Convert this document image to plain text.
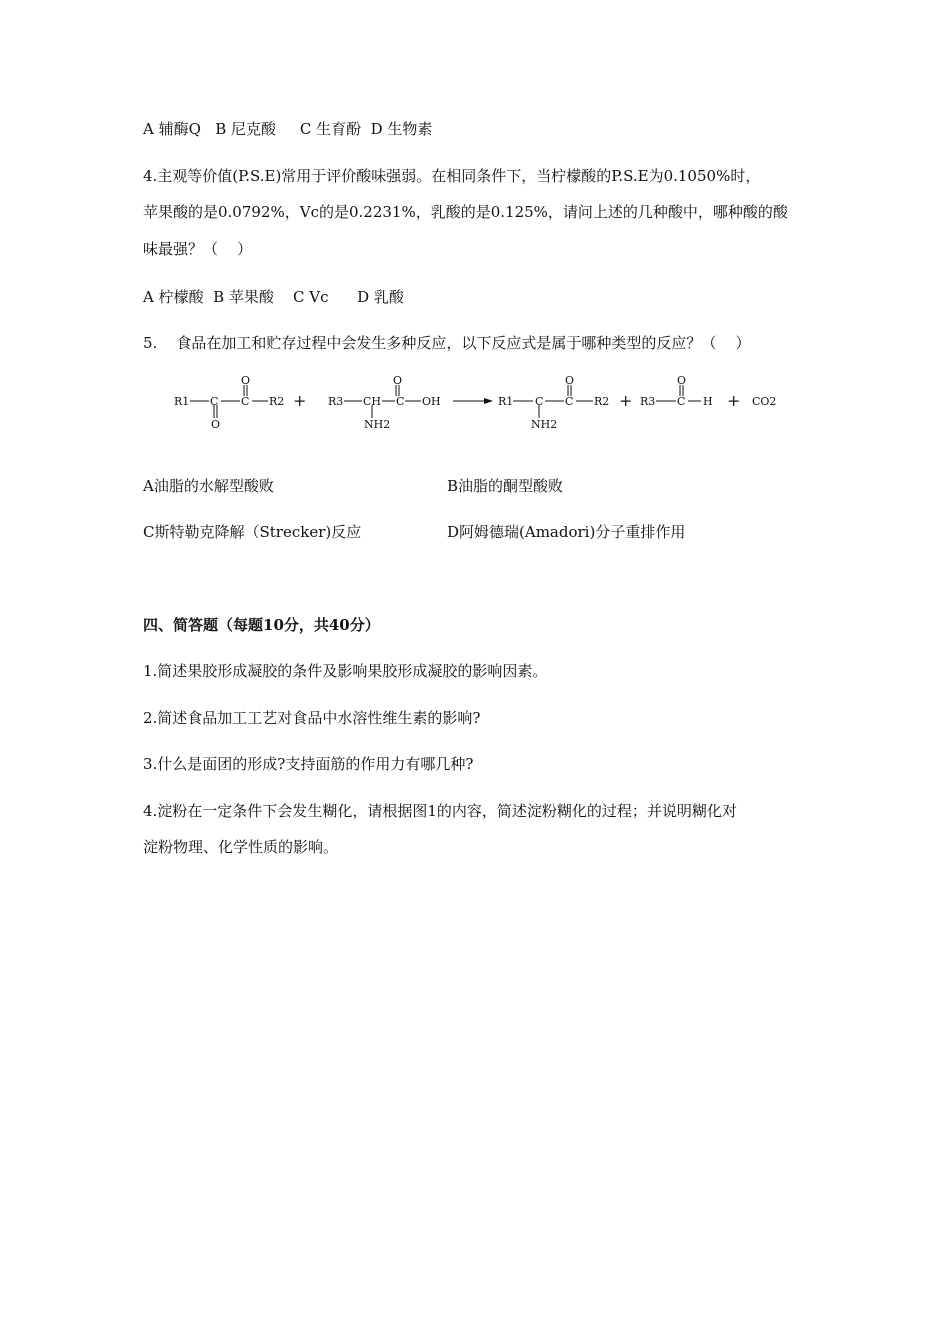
A 辅酶Q   B 尼克酸     C 生育酚  D 生物素
4.主观等价值(P.S.E)常用于评价酸味强弱。在相同条件下，当柠檬酸的P.S.E为0.1050%时，
苹果酸的是0.0792%，Vc的是0.2231%，乳酸的是0.125%，请问上述的几种酸中，哪种酸的酸
味最强？（    ）
A 柠檬酸  B 苹果酸    C Vc      D 乳酸
5.    食品在加工和贮存过程中会发生多种反应，以下反应式是属于哪种类型的反应？（    ）
R1 C C R2
O
O
R3 CH C OH
O
NH2
R1 C C R2
O
NH2
R3 C H
O
CO2
+	+	+
A油脂的水解型酸败	B油脂的酮型酸败
C斯特勒克降解（Strecker)反应	D阿姆德瑞(Amadori)分子重排作用
四、简答题（每题10分，共40分）
1.简述果胶形成凝胶的条件及影响果胶形成凝胶的影响因素。
2.简述食品加工工艺对食品中水溶性维生素的影响?
3.什么是面团的形成?支持面筋的作用力有哪几种?
4.淀粉在一定条件下会发生糊化，请根据图1的内容，简述淀粉糊化的过程；并说明糊化对
淀粉物理、化学性质的影响。
